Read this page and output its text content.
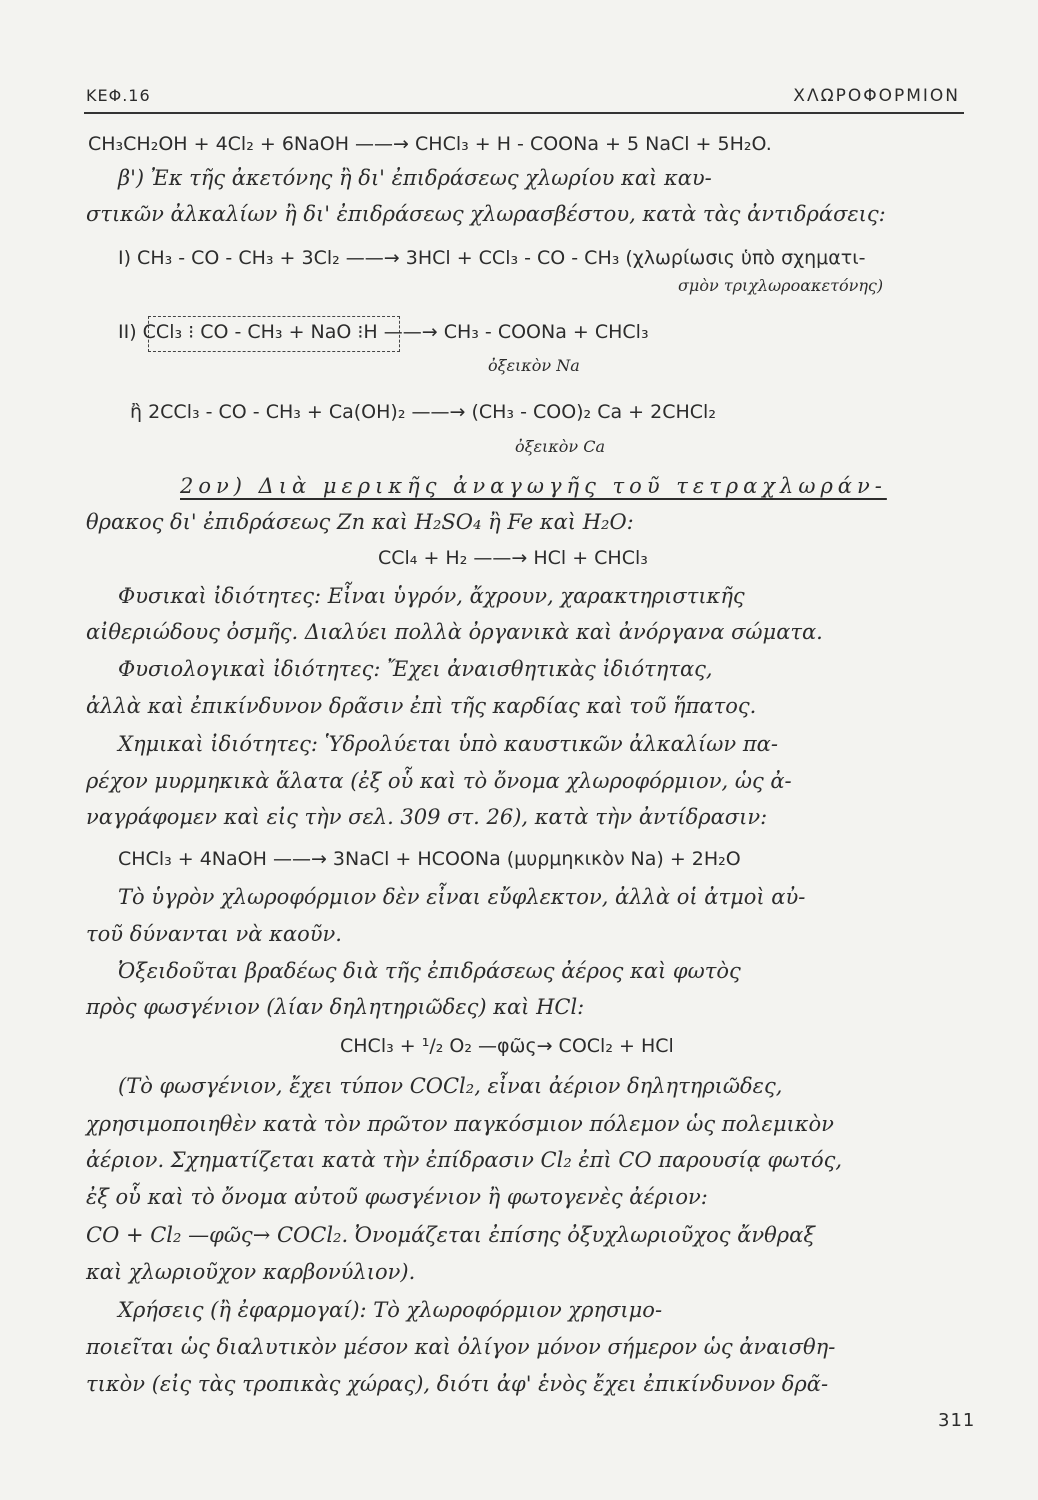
ΚΕΦ.16	ΧΛΩΡΟΦΟΡΜΙΟΝ
CH₃CH₂OH + 4Cl₂ + 6NaOH ——→ CHCl₃ + H - COONa + 5 NaCl + 5H₂O.
β') Ἐκ τῆς ἀκετόνης ἢ δι' ἐπιδράσεως χλωρίου καὶ καυ-
στικῶν ἀλκαλίων ἢ δι' ἐπιδράσεως χλωρασβέστου, κατὰ τὰς ἀντιδράσεις:
I) CH₃ - CO - CH₃ + 3Cl₂ ——→ 3HCl + CCl₃ - CO - CH₃ (χλωρίωσις ὑπὸ σχηματι-
σμὸν τριχλωροακετόνης)
II) CCl₃ ⁝ CO - CH₃ + NaO ⁝H ——→ CH₃ - COONa + CHCl₃
ὀξεικὸν Na
ἢ 2CCl₃ - CO - CH₃ + Ca(OH)₂ ——→ (CH₃ - COO)₂ Ca + 2CHCl₂
ὀξεικὸν Ca
2ον) Διὰ μερικῆς ἀναγωγῆς τοῦ τετραχλωράν-
θρακος δι' ἐπιδράσεως Zn καὶ H₂SO₄ ἢ Fe καὶ H₂O:
CCl₄ + H₂ ——→ HCl + CHCl₃
Φυσικαὶ ἰδιότητες: Εἶναι ὑγρόν, ἄχρουν, χαρακτηριστικῆς
αἰθεριώδους ὀσμῆς. Διαλύει πολλὰ ὀργανικὰ καὶ ἀνόργανα σώματα.
Φυσιολογικαὶ ἰδιότητες: Ἔχει ἀναισθητικὰς ἰδιότητας,
ἀλλὰ καὶ ἐπικίνδυνον δρᾶσιν ἐπὶ τῆς καρδίας καὶ τοῦ ἥπατος.
Χημικαὶ ἰδιότητες: Ὑδρολύεται ὑπὸ καυστικῶν ἀλκαλίων πα-
ρέχον μυρμηκικὰ ἅλατα (ἐξ οὗ καὶ τὸ ὄνομα χλωροφόρμιον, ὡς ἀ-
ναγράφομεν καὶ εἰς τὴν σελ. 309 στ. 26), κατὰ τὴν ἀντίδρασιν:
CHCl₃ + 4NaOH ——→ 3NaCl + HCOONa (μυρμηκικὸν Na) + 2H₂O
Τὸ ὑγρὸν χλωροφόρμιον δὲν εἶναι εὔφλεκτον, ἀλλὰ οἱ ἀτμοὶ αὐ-
τοῦ δύνανται νὰ καοῦν.
Ὀξειδοῦται βραδέως διὰ τῆς ἐπιδράσεως ἀέρος καὶ φωτὸς
πρὸς φωσγένιον (λίαν δηλητηριῶδες) καὶ HCl:
CHCl₃ + ¹/₂ O₂ —φῶς→ COCl₂ + HCl
(Τὸ φωσγένιον, ἔχει τύπον COCl₂, εἶναι ἀέριον δηλητηριῶδες,
χρησιμοποιηθὲν κατὰ τὸν πρῶτον παγκόσμιον πόλεμον ὡς πολεμικὸν
ἀέριον. Σχηματίζεται κατὰ τὴν ἐπίδρασιν Cl₂ ἐπὶ CO παρουσίᾳ φωτός,
ἐξ οὗ καὶ τὸ ὄνομα αὐτοῦ φωσγένιον ἢ φωτογενὲς ἀέριον:
CO + Cl₂ —φῶς→ COCl₂. Ὀνομάζεται ἐπίσης ὀξυχλωριοῦχος ἄνθραξ
καὶ χλωριοῦχον καρβονύλιον).
Χρήσεις (ἢ ἐφαρμογαί): Τὸ χλωροφόρμιον χρησιμο-
ποιεῖται ὡς διαλυτικὸν μέσον καὶ ὀλίγον μόνον σήμερον ὡς ἀναισθη-
τικὸν (εἰς τὰς τροπικὰς χώρας), διότι ἀφ' ἑνὸς ἔχει ἐπικίνδυνον δρᾶ-
311
